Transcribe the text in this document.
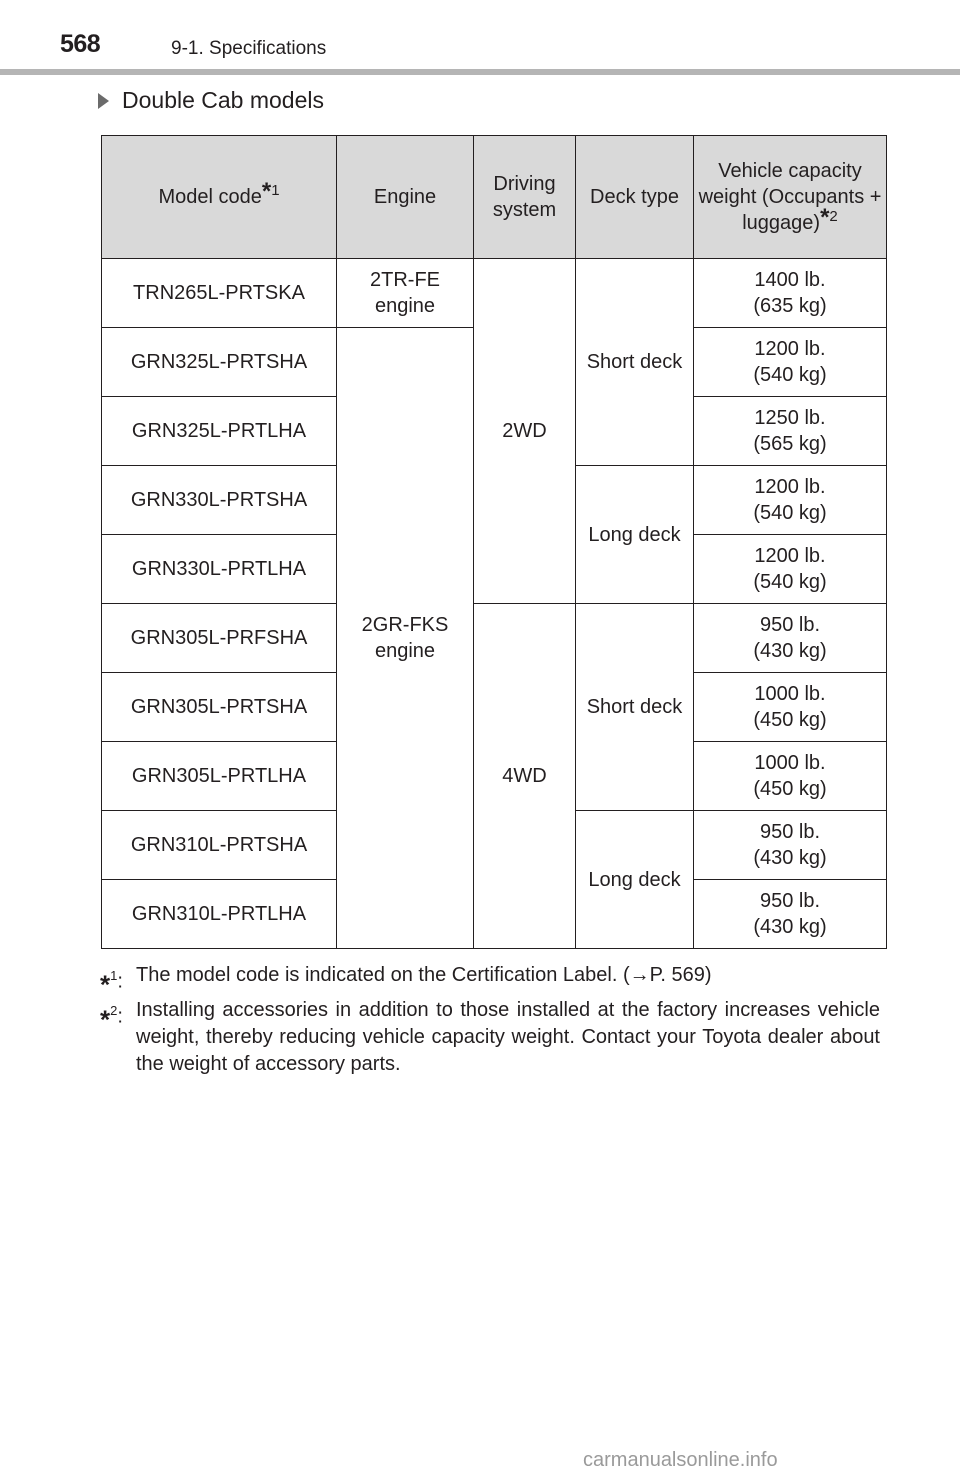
568	9-1. Specifications
Double Cab models
Model code$^{*1}$	Engine	Driving system	Deck type	Vehicle capacity weight (Occupants + luggage)$^{*2}$
TRN265L-PRTSKA	2TR-FE engine	2WD	Short deck	1400 lb.
(635 kg)
GRN325L-PRTSHA	2GR-FKS engine			1200 lb.
(540 kg)
GRN325L-PRTLHA				1250 lb.
(565 kg)
GRN330L-PRTSHA			Long deck	1200 lb.
(540 kg)
GRN330L-PRTLHA				1200 lb.
(540 kg)
GRN305L-PRFSHA		4WD	Short deck	950 lb.
(430 kg)
GRN305L-PRTSHA				1000 lb.
(450 kg)
GRN305L-PRTLHA				1000 lb.
(450 kg)
GRN310L-PRTSHA			Long deck	950 lb.
(430 kg)
GRN310L-PRTLHA				950 lb.
(430 kg)
*$^1$: The model code is indicated on the Certification Label. (→P. 569)
*$^2$: Installing accessories in addition to those installed at the factory increases vehicle weight, thereby reducing vehicle capacity weight. Contact your Toyota dealer about the weight of accessory parts.
carmanualsonline.info
